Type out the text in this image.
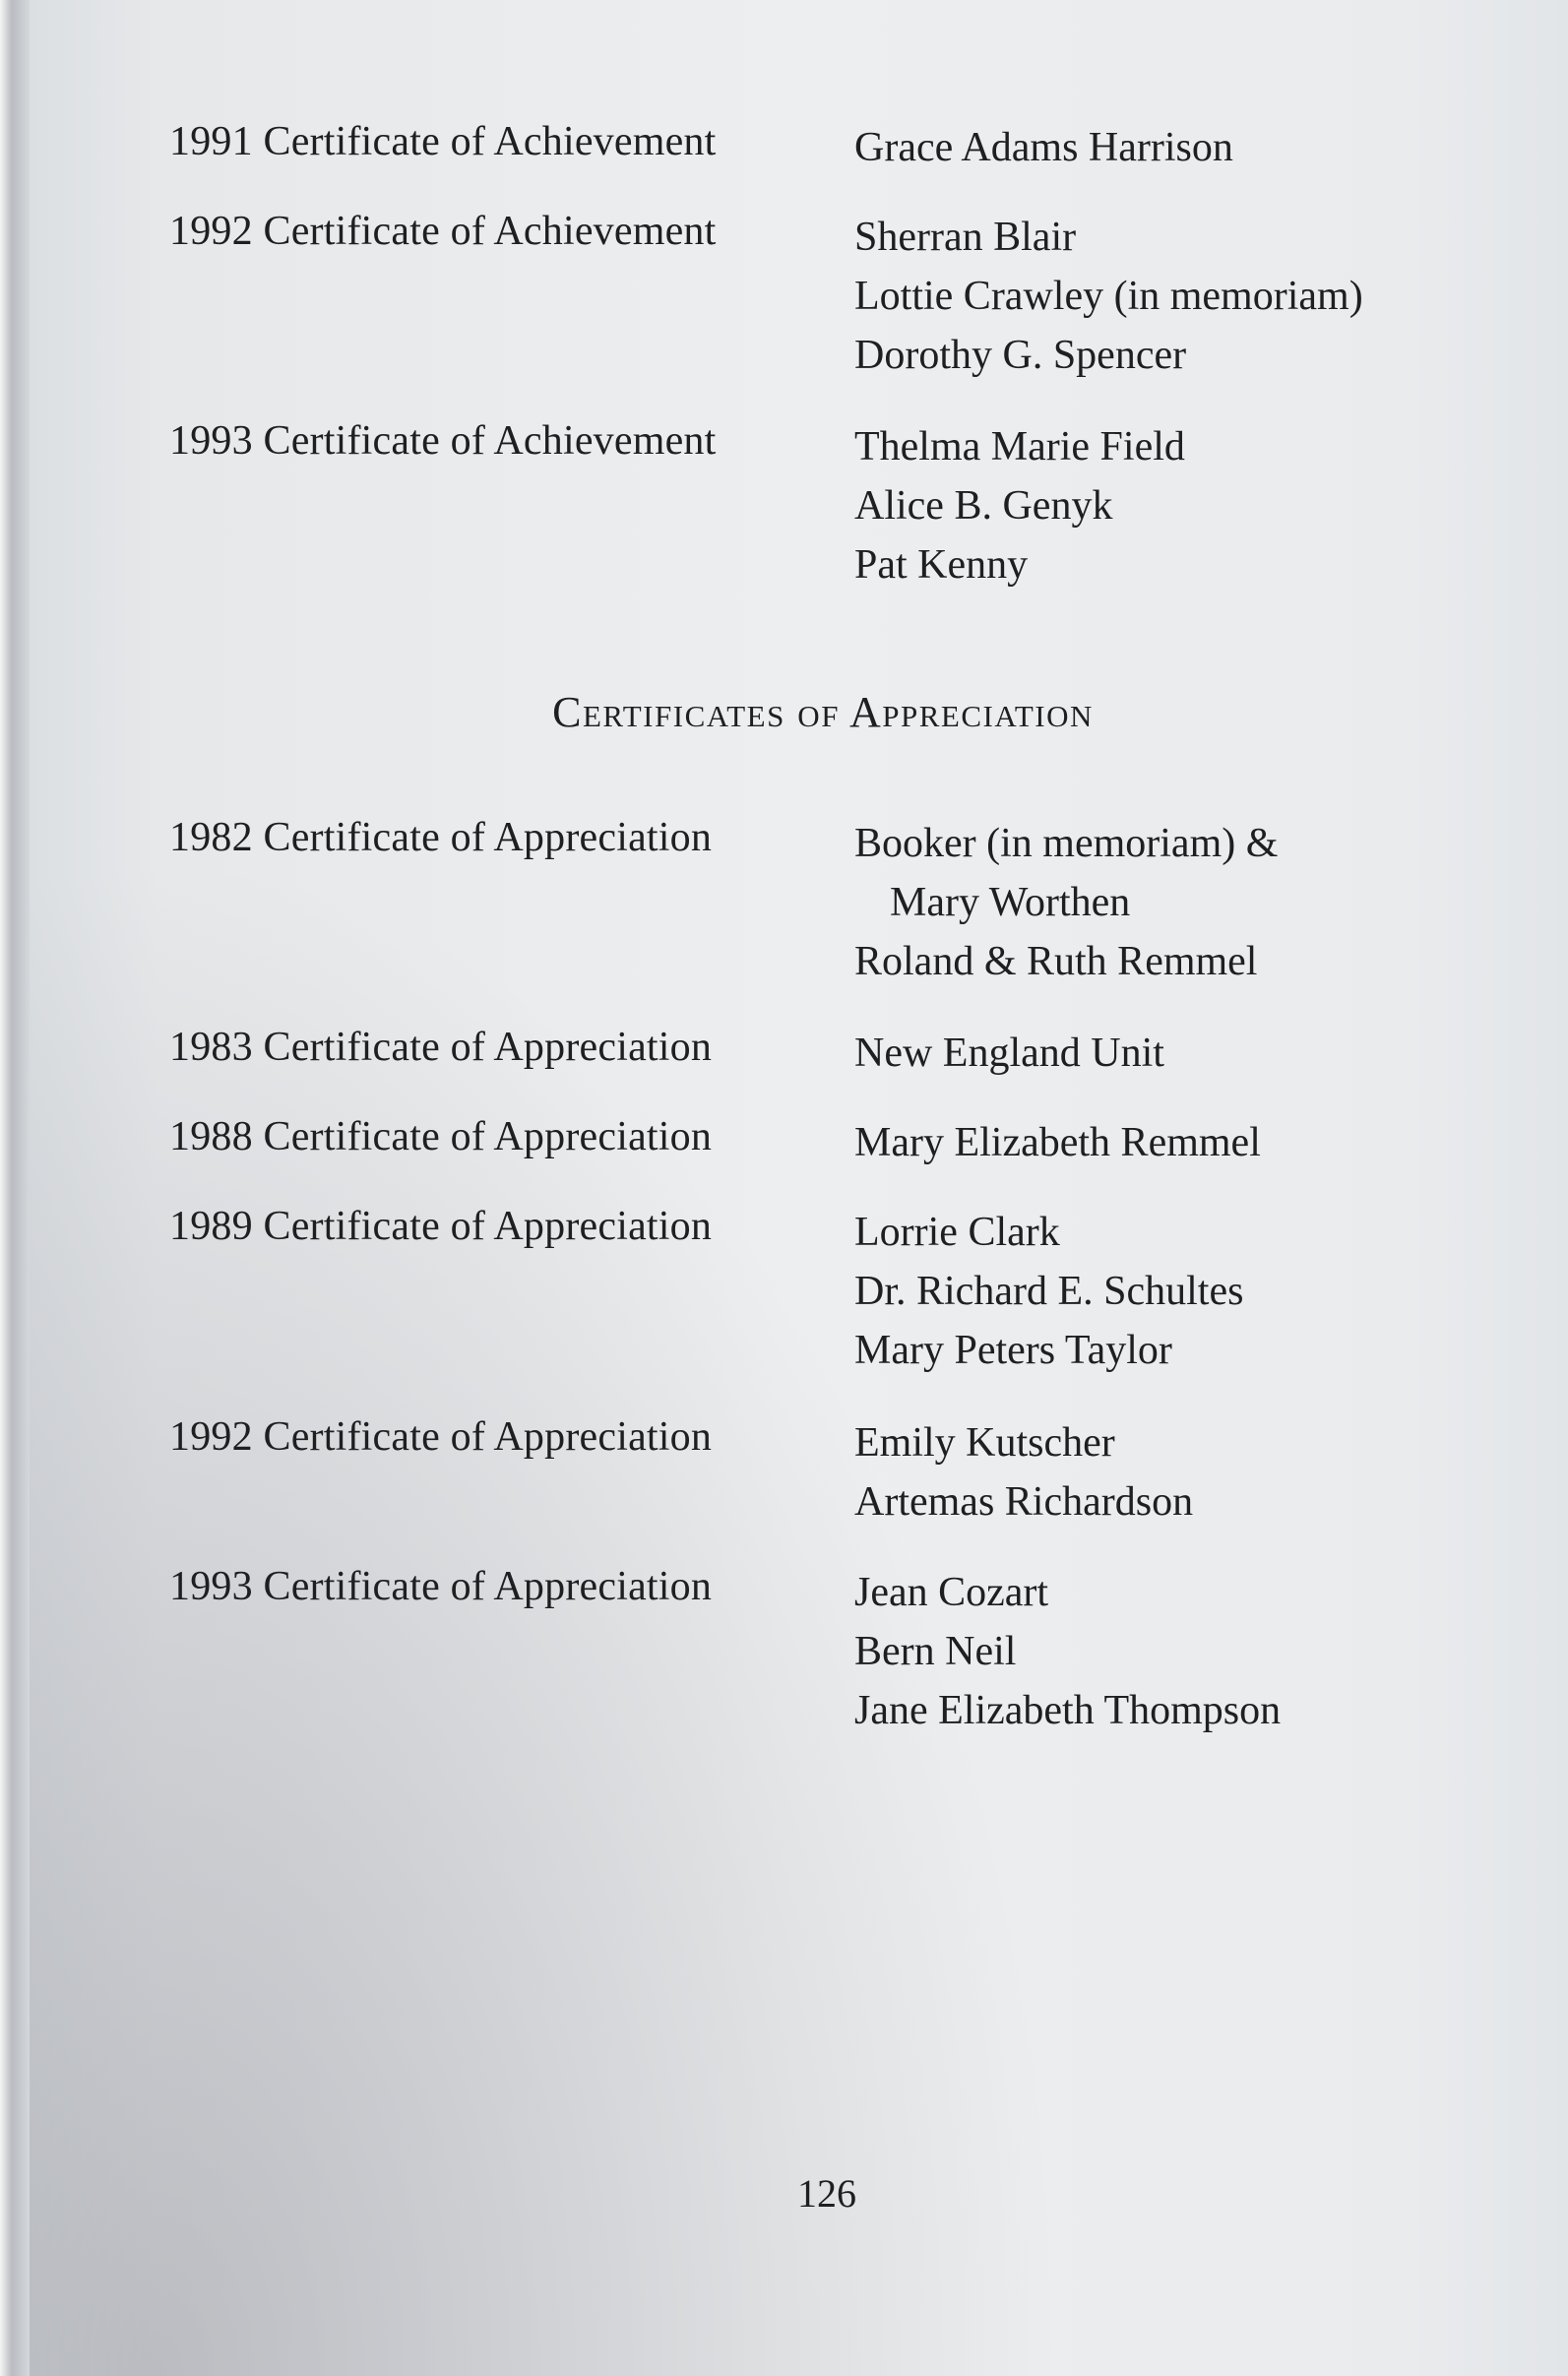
1991 Certificate of Achievement	Grace Adams Harrison
1992 Certificate of Achievement	Sherran Blair
Lottie Crawley (in memoriam)
Dorothy G. Spencer
1993 Certificate of Achievement	Thelma Marie Field
Alice B. Genyk
Pat Kenny
Certificates of Appreciation
1982 Certificate of Appreciation	Booker (in memoriam) &
Mary Worthen
Roland & Ruth Remmel
1983 Certificate of Appreciation	New England Unit
1988 Certificate of Appreciation	Mary Elizabeth Remmel
1989 Certificate of Appreciation	Lorrie Clark
Dr. Richard E. Schultes
Mary Peters Taylor
1992 Certificate of Appreciation	Emily Kutscher
Artemas Richardson
1993 Certificate of Appreciation	Jean Cozart
Bern Neil
Jane Elizabeth Thompson
126
